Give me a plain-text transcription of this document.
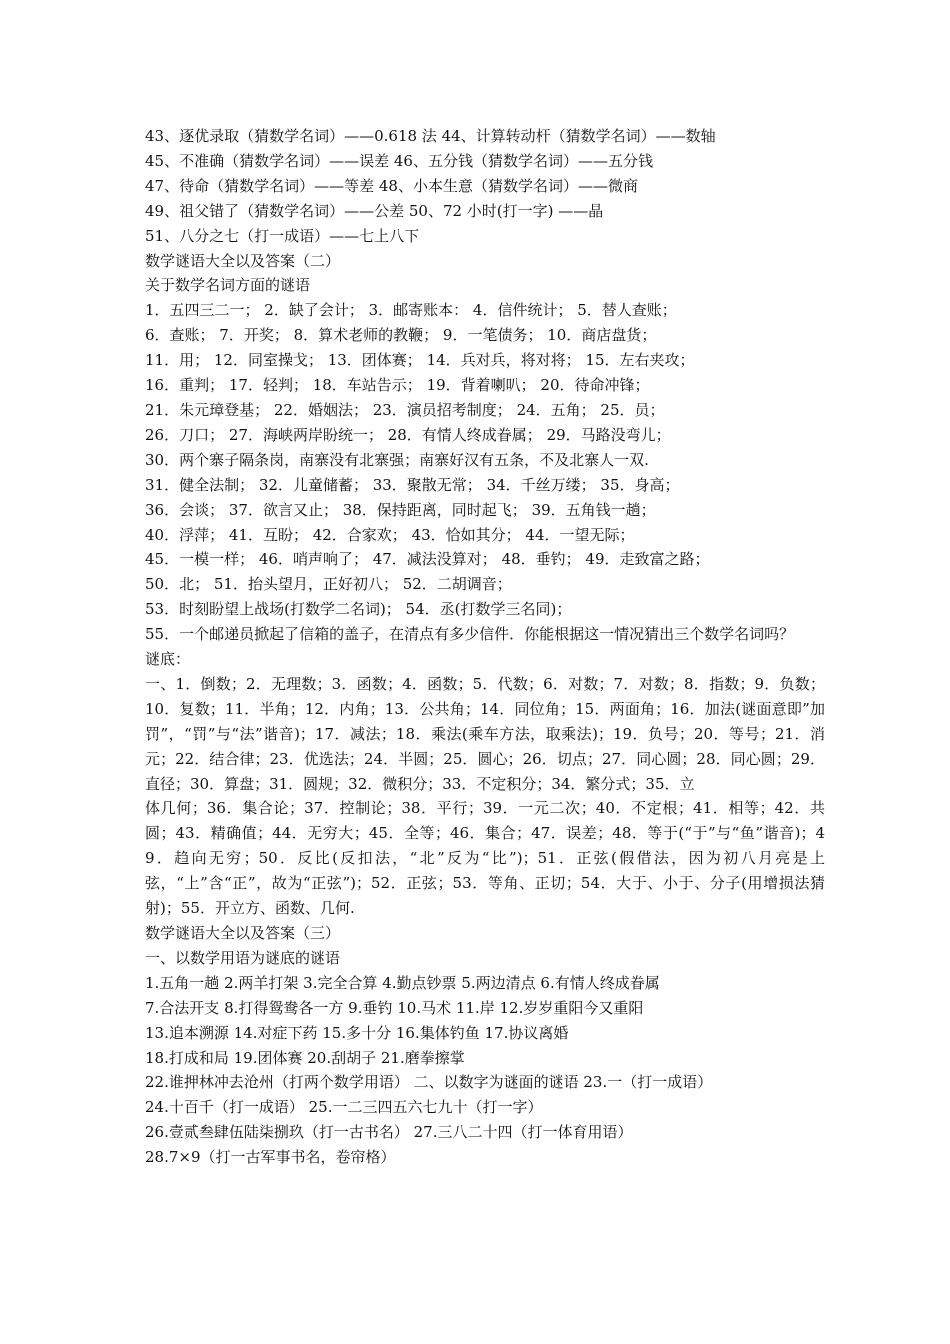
43、逐优录取（猜数学名词）——0.618 法 44、计算转动杆（猜数学名词）——数轴
45、不准确（猜数学名词）——误差 46、五分钱（猜数学名词）——五分钱
47、待命（猜数学名词）——等差 48、小本生意（猜数学名词）——微商
49、祖父错了（猜数学名词）——公差 50、72 小时(打一字) ——晶
51、八分之七（打一成语）——七上八下
数学谜语大全以及答案（二）
关于数学名词方面的谜语
1．五四三二一； 2．缺了会计； 3．邮寄账本： 4．信件统计； 5．替人查账；
6．查账； 7．开奖； 8．算术老师的教鞭； 9．一笔债务； 10．商店盘货；
11．用； 12．同室操戈； 13．团体赛； 14．兵对兵，将对将； 15．左右夹攻；
16．重判； 17．轻判； 18．车站告示； 19．背着喇叭； 20．待命冲锋；
21．朱元璋登基； 22．婚姻法； 23．演员招考制度； 24．五角； 25．员；
26．刀口； 27．海峡两岸盼统一； 28．有情人终成眷属； 29．马路没弯儿；
30．两个寨子隔条岗，南寨没有北寨强；南寨好汉有五条，不及北寨人一双.
31．健全法制； 32．儿童储蓄； 33．聚散无常； 34．千丝万缕； 35．身高；
36．会谈； 37．欲言又止； 38．保持距离，同时起飞； 39．五角钱一趟；
40．浮萍； 41．互盼； 42．合家欢； 43．恰如其分； 44．一望无际；
45．一模一样； 46．哨声响了； 47．减法没算对； 48．垂钓； 49．走致富之路；
50．北； 51．抬头望月，正好初八； 52．二胡调音；
53．时刻盼望上战场(打数学二名词)； 54．丞(打数学三名同)；
55．一个邮递员掀起了信箱的盖子，在清点有多少信件．你能根据这一情况猜出三个数学名词吗？
谜底：
一、1．倒数；2．无理数；3．函数；4．函数；5．代数；6．对数；7．对数；8．指数；9．负数；10．复数；11．半角；12．内角；13．公共角；14．同位角；15．两面角；16．加法(谜面意即”加罚”，“罚”与“法”谐音)；17．减法；18．乘法(乘车方法，取乘法)；19．负号；20．等号；21．消元；22．结合律；23．优选法；24．半圆；25．圆心；26．切点；27．同心圆；28．同心圆；29．直径；30．算盘；31．圆规；32．微积分；33．不定积分；34．繁分式；35．立
体几何；36．集合论；37．控制论；38．平行；39．一元二次；40．不定根；41．相等；42．共圆；43．精确值；44．无穷大；45．全等；46．集合；47．误差；48．等于(“于”与“鱼”谐音)；49．趋向无穷；50．反比(反扣法，“北”反为“比”)；51．正弦(假借法，因为初八月亮是上弦，“上”含“正”，故为“正弦”)；52．正弦；53．等角、正切；54．大于、小于、分子(用增损法猜射)；55．开立方、函数、几何.
数学谜语大全以及答案（三）
一、以数学用语为谜底的谜语
1.五角一趟 2.两羊打架 3.完全合算 4.勤点钞票 5.两边清点 6.有情人终成眷属
7.合法开支 8.打得鸳鸯各一方 9.垂钓 10.马术 11.岸 12.岁岁重阳今又重阳
13.追本溯源 14.对症下药 15.多十分 16.集体钓鱼 17.协议离婚
18.打成和局 19.团体赛 20.刮胡子 21.磨拳擦掌
22.谁押林冲去沧州（打两个数学用语） 二、以数字为谜面的谜语 23.一（打一成语）
24.十百千（打一成语） 25.一二三四五六七九十（打一字）
26.壹贰叁肆伍陆柒捌玖（打一古书名） 27.三八二十四（打一体育用语）
28.7×9（打一古军事书名，卷帘格）
